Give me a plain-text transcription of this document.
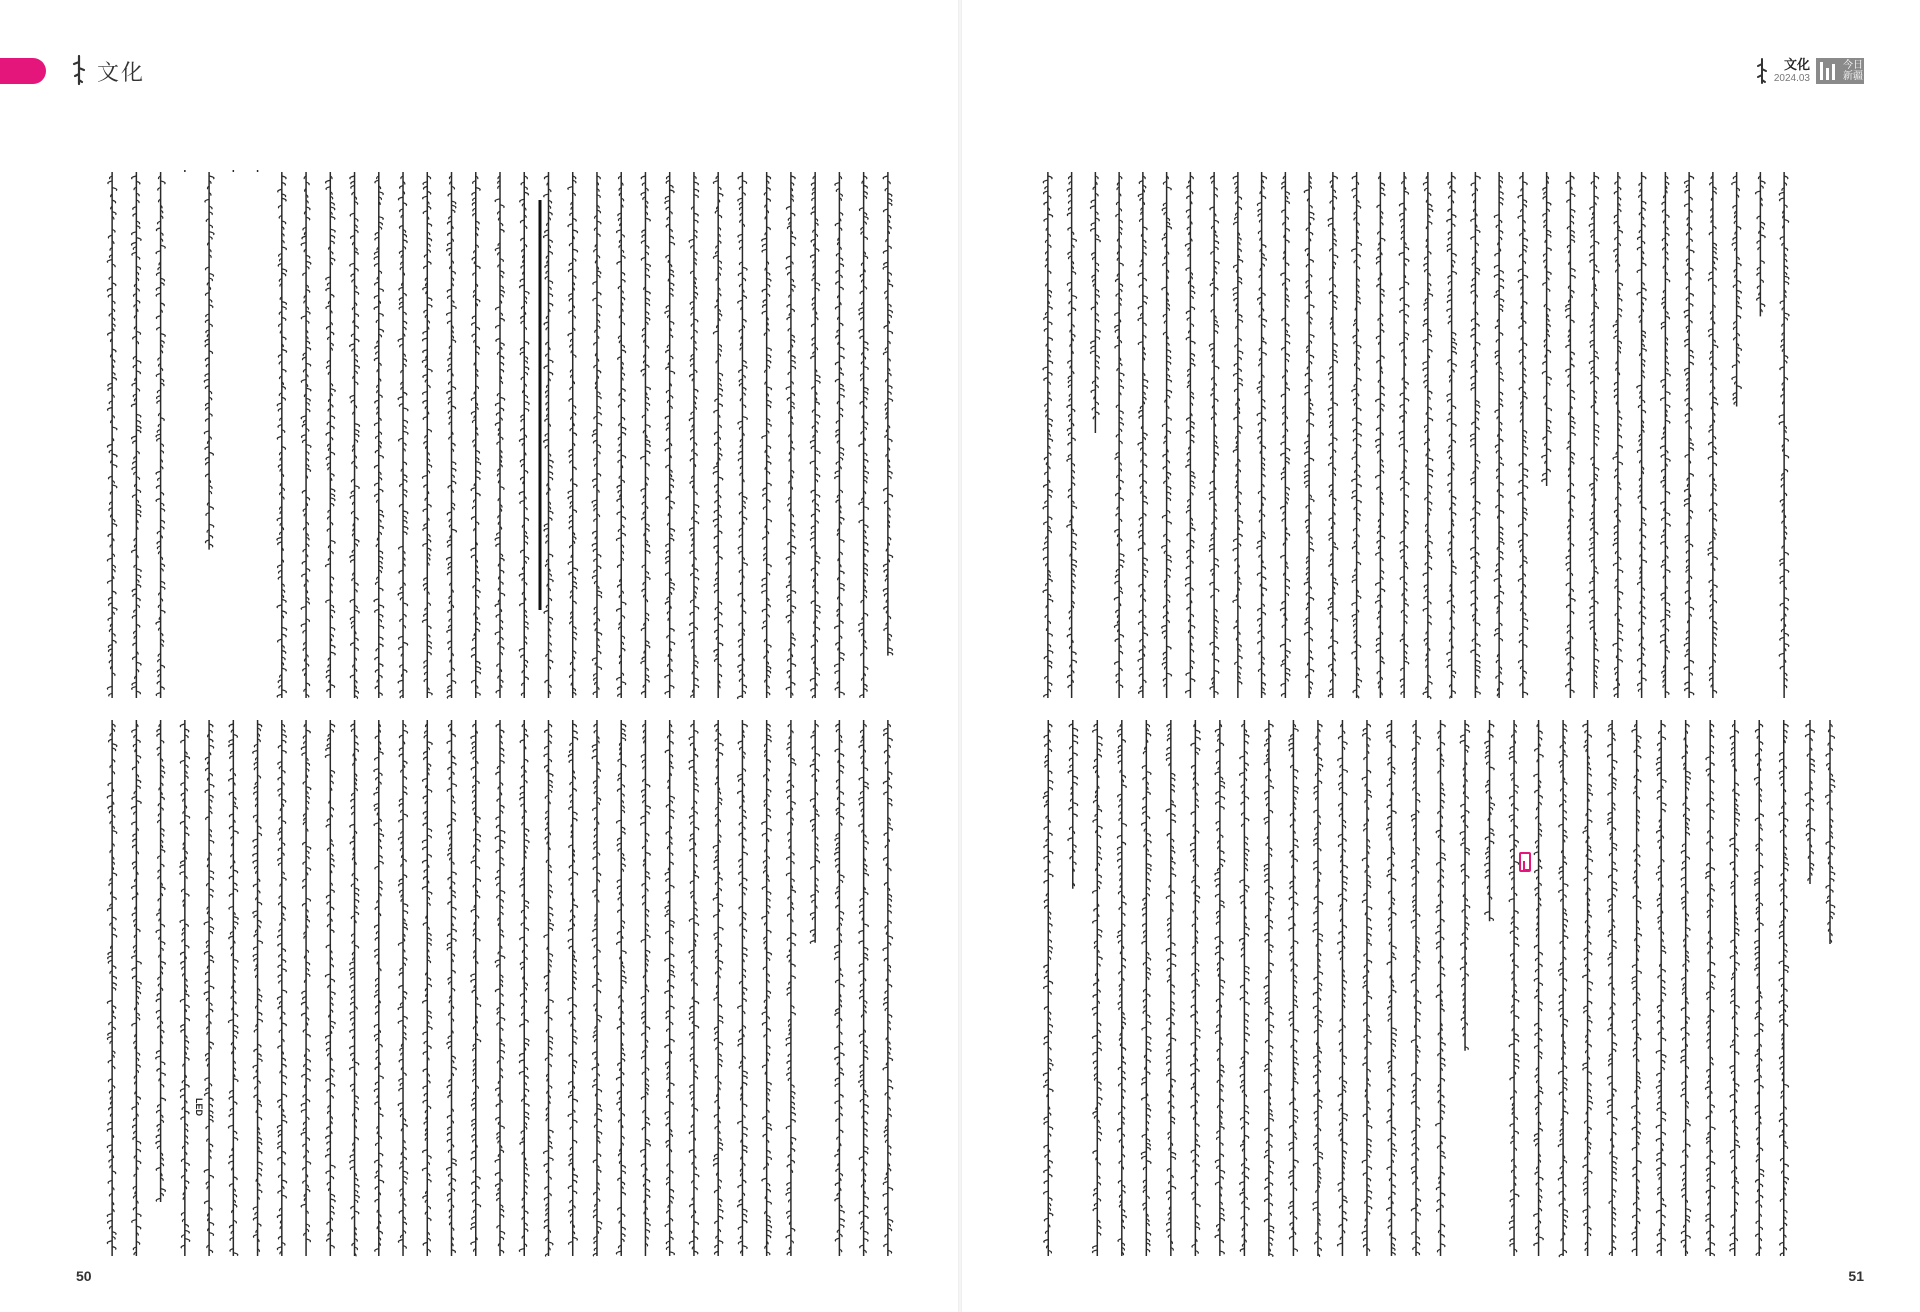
文化	文化
2024.03
今日新疆
LED
50	51
